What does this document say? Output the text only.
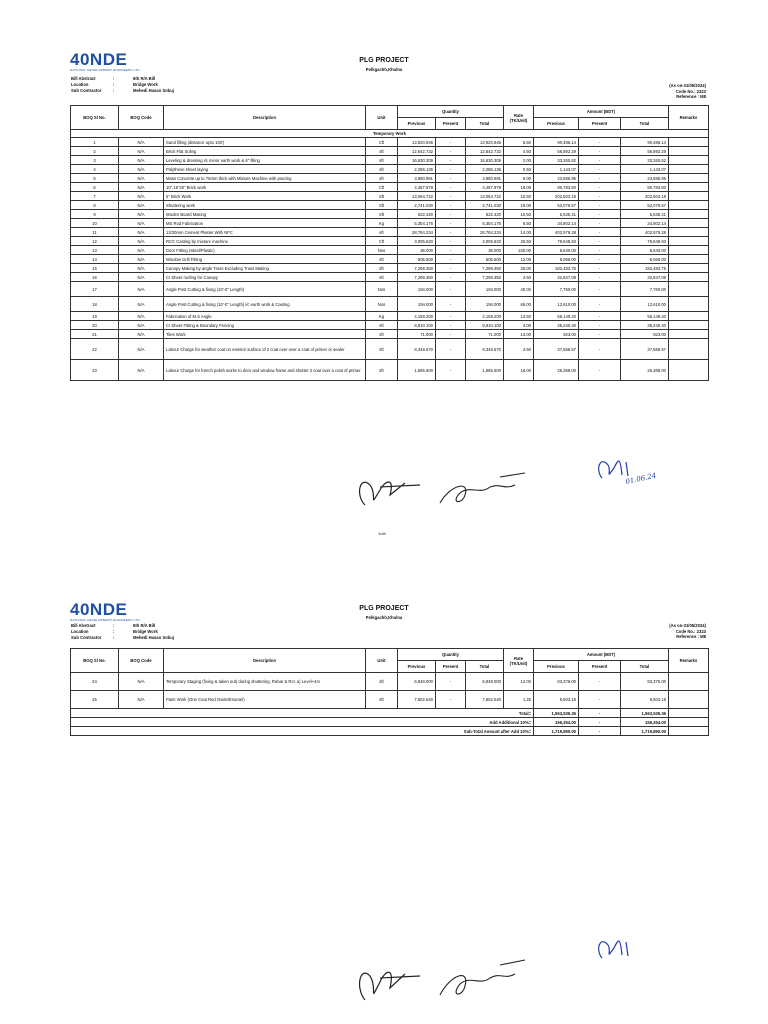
40NDE
NATIONAL DEVELOPMENT ENGINEERS LTD.
PLG PROJECT
Polkgachh,Khulna
Bill Abstract	:	6th R/A Bill
Location	:	Bridge Work
Sub Contractor	:	Mehedi Hasan Sobuj
(As on-31/05/2024)
Code No.: 2323
Reference : M8
BOQ Sl No.	BOQ Code	Description	Unit	Quantity			Rate (TK/Unit)	Amount (BDT)			Remarks
				Previous	Present	Total		Previous	Present	Total	
Temporary Work											
1	N/A	Sand filling (distance upto 100')	Cft	13,920.945	-	13,920.945	6.50	90,486.14	-	90,486.14	
2	N/A	Brick Flat Soling	sft	12,642.732	-	12,642.732	4.50	56,892.29	-	56,892.29	
3	N/A	Leveling & dressing i/c minor earth work & 6" filling	sft	16,630.309	-	16,630.309	2.00	33,260.62	-	33,260.62	
4	N/A	Polythene sheet laying	sft	2,286.136	-	2,286.136	0.50	1,143.07	-	1,143.07	
5	N/A	Mass Concrete up to 75mm thick with Mixture Machine with pouring	sft	3,980.991	-	3,980.991	6.00	23,885.95	-	23,885.95	
6	N/A	10",15"20" Brick work	Cft	4,487.978	-	4,487.978	18.00	80,783.60	-	80,783.60	
7	N/A	5" Brick Work	Sft	13,064.722	-	13,064.722	15.50	202,503.19	-	202,503.19	
8	N/A	Shuttering work	Sft	2,741.030	-	2,741.030	19.00	52,079.57	-	52,079.57	
9	N/A	Woden Board Making	Sft	622.420	-	622.420	10.50	6,535.41	-	6,535.41	
10	N/A	MS Rod Fabrication	Kg	5,354.176	-	5,354.176	6.50	34,802.14	-	34,802.14	
11	N/A	12/20mm Cement Plaster With NFC	sft	28,784.234	-	28,784.234	14.00	402,979.28	-	402,979.28	
12	N/A	RCC Casting by mixture machine	Cft	3,005.620	-	3,005.620	26.50	79,648.93	-	79,648.93	
13	N/A	Door Fitting (Steel/Plastic)	Nos	36.000	-	36.000	240.00	8,640.00	-	8,640.00	
14	N/A	Window Grill Fitting	sft	505.500	-	505.500	12.00	6,066.00	-	6,066.00	
15	N/A	Canopy Making by angle Truss Excluding Truss Making	sft	7,299.350	-	7,299.350	25.00	182,483.75	-	182,483.75	
16	N/A	CI Sheet roofing for Canopy	sft	7,299.350	-	7,299.350	4.50	32,847.08	-	32,847.08	
17	N/A	Angle Post Cutting & fixing (10'-0" Length)	Nos	194.000	-	194.000	40.00	7,760.00	-	7,760.00	
18	N/A	Angle Post Cutting & fixing (10'-0" Length) i/c earth work & Casting	Nos	194.000	-	194.000	65.00	12,610.00	-	12,610.00	
19	N/A	Fabrication of M.S Angle	Kg	4,159.200	-	4,159.200	13.50	56,149.20	-	56,149.20	
20	N/A	CI Sheet Fitting & Boundary Fencing	sft	8,810.100	-	8,810.100	4.00	35,240.40	-	35,240.40	
21	N/A	Tiles Work	sft	71.000	-	71.000	13.00	923.00	-	923.00	
22	N/A	Labour Charge for weather coat on exterior surface of 2 coat over over a coat of primer or sealer	sft	8,348.570	-	8,348.570	4.50	37,568.57	-	37,568.57	
23	N/A	Labour Charge for french polish works to door and window frame and shutter 3 coat over a coat of primer	sft	1,585.500	-	1,585.500	16.00	25,368.00	-	25,368.00	
01.06.24
1of4
40NDE
NATIONAL DEVELOPMENT ENGINEERS LTD.
PLG PROJECT
Polkgachh,Khulna
Bill Abstract	:	6th R/A Bill
Location	:	Bridge Work
Sub Contractor	:	Mehedi Hasan Sobuj
(As on-31/05/2024)
Code No.: 2323
Reference : M8
BOQ Sl No.	BOQ Code	Description	Unit	Quantity			Rate (TK/Unit)	Amount (BDT)			Remarks
				Previous	Present	Total		Previous	Present	Total	
24	N/A	Temporary Staging (fixing & taken out) during shuttering, Rebar & Rcc a) Level+4m	sft	6,948.000	-	6,948.000	12.00	83,376.00	-	83,376.00	
25	N/A	Paint Work (One Coat Red Oxide/Enamel)	sft	7,602.540	-	7,602.540	1.25	9,503.18	-	9,503.18	
Total=								1,563,535.36	-	1,563,535.36	
Add Additional 10%=								156,354.00	-	156,354.00	
Sub-Total Amount after Add 10%=								1,719,890.00	-	1,719,890.00	
